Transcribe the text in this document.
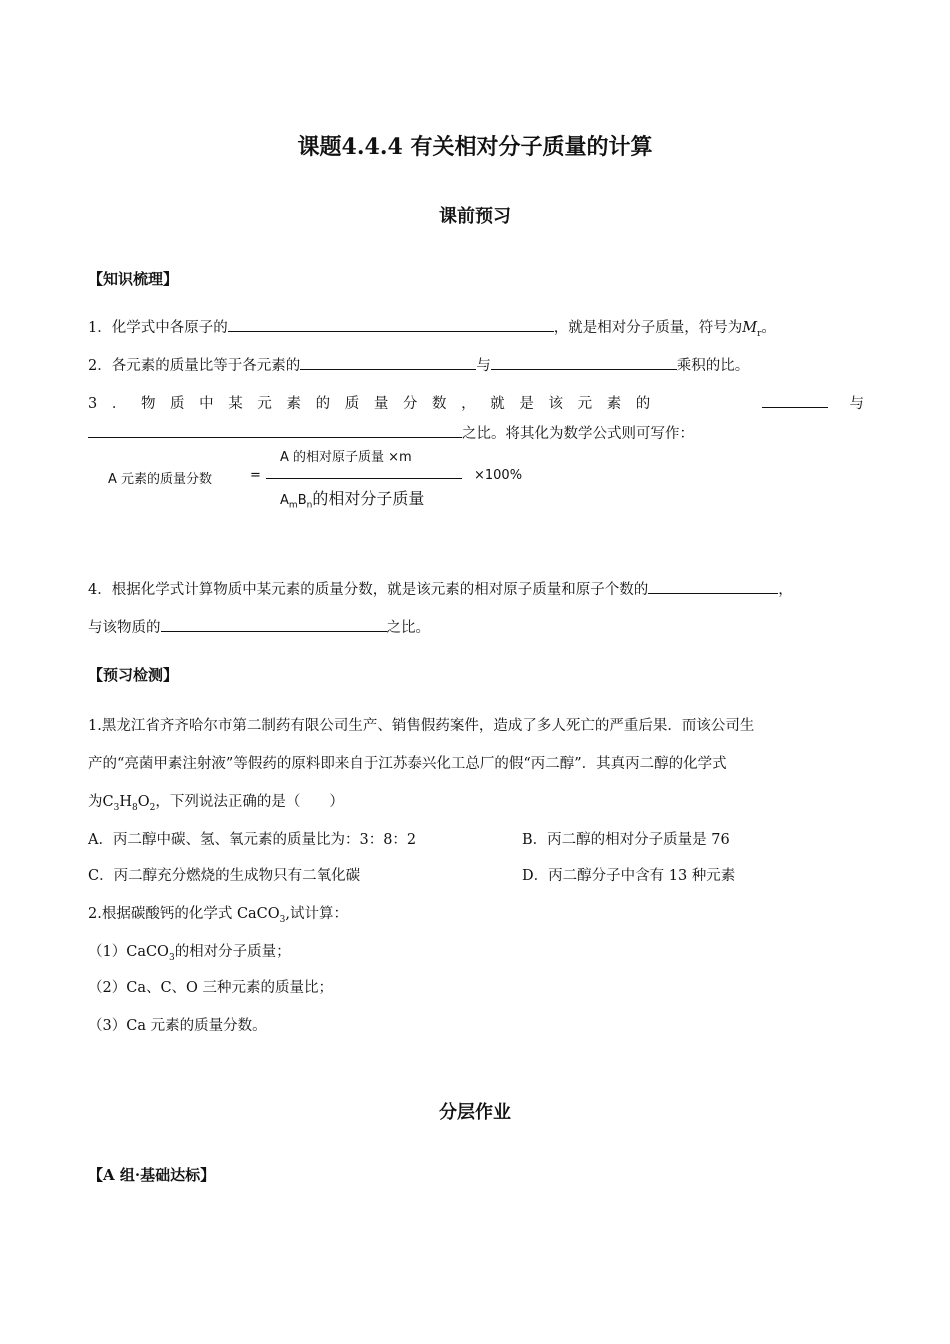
课题4.4.4 有关相对分子质量的计算
课前预习
【知识梳理】
1．化学式中各原子的	，就是相对分子质量，符号为$M_r$。
2．各元素的质量比等于各元素的	与	乘积的比。
3 ． 物 质 中 某 元 素 的 质 量 分 数 ， 就 是 该 元 素 的	与
之比。将其化为数学公式则可写作：
A 元素的质量分数	=
A 的相对原子质量 ×m
$A_mB_n$的相对分子质量
×100%
4．根据化学式计算物质中某元素的质量分数，就是该元素的相对原子质量和原子个数的	，
与该物质的	之比。
【预习检测】
1.黑龙江省齐齐哈尔市第二制药有限公司生产、销售假药案件，造成了多人死亡的严重后果．而该公司生
产的“亮菌甲素注射液”等假药的原料即来自于江苏泰兴化工总厂的假“丙二醇”．其真丙二醇的化学式
为$C_3H_8O_2$，下列说法正确的是（　　）
A．丙二醇中碳、氢、氧元素的质量比为：3：8：2	B．丙二醇的相对分子质量是 76
C．丙二醇充分燃烧的生成物只有二氧化碳	D．丙二醇分子中含有 13 种元素
2.根据碳酸钙的化学式 CaCO$_3$,试计算：
（1）CaCO$_3$的相对分子质量；
（2）Ca、C、O 三种元素的质量比；
（3）Ca 元素的质量分数。
分层作业
【A 组·基础达标】
